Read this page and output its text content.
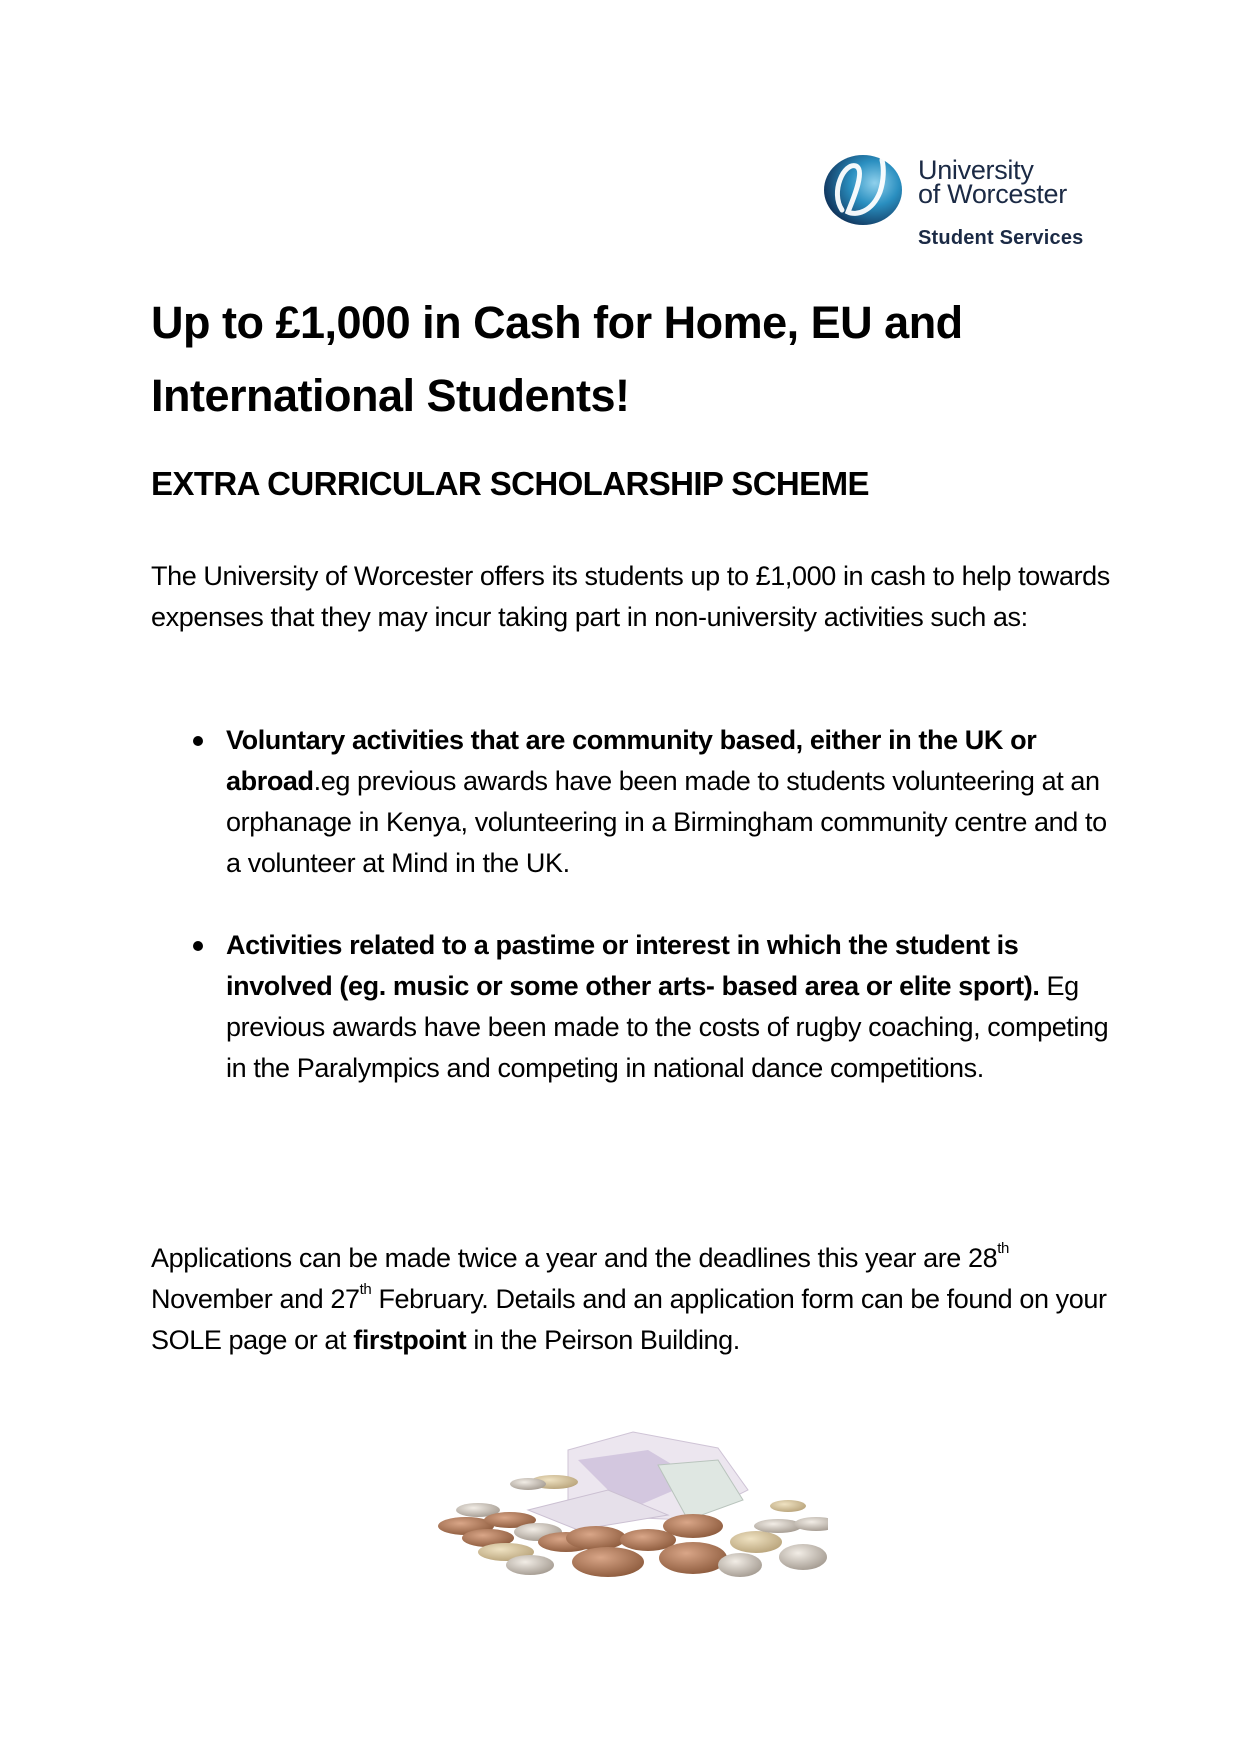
University
of Worcester
Student Services
Up to £1,000 in Cash for Home, EU and
International Students!
EXTRA CURRICULAR SCHOLARSHIP SCHEME

The University of Worcester offers its students up to £1,000 in cash to help towards expenses that they may incur taking part in non-university activities such as:

Voluntary activities that are community based, either in the UK or abroad.eg previous awards have been made to students volunteering at an orphanage in Kenya, volunteering in a Birmingham community centre and to a volunteer at Mind in the UK.
Activities related to a pastime or interest in which the student is involved (eg. music or some other arts- based area or elite sport). Eg previous awards have been made to the costs of rugby coaching, competing in the Paralympics and competing in national dance competitions.

Applications can be made twice a year and the deadlines this year are 28th November and 27th February. Details and an application form can be found on your SOLE page or at firstpoint in the Peirson Building.
